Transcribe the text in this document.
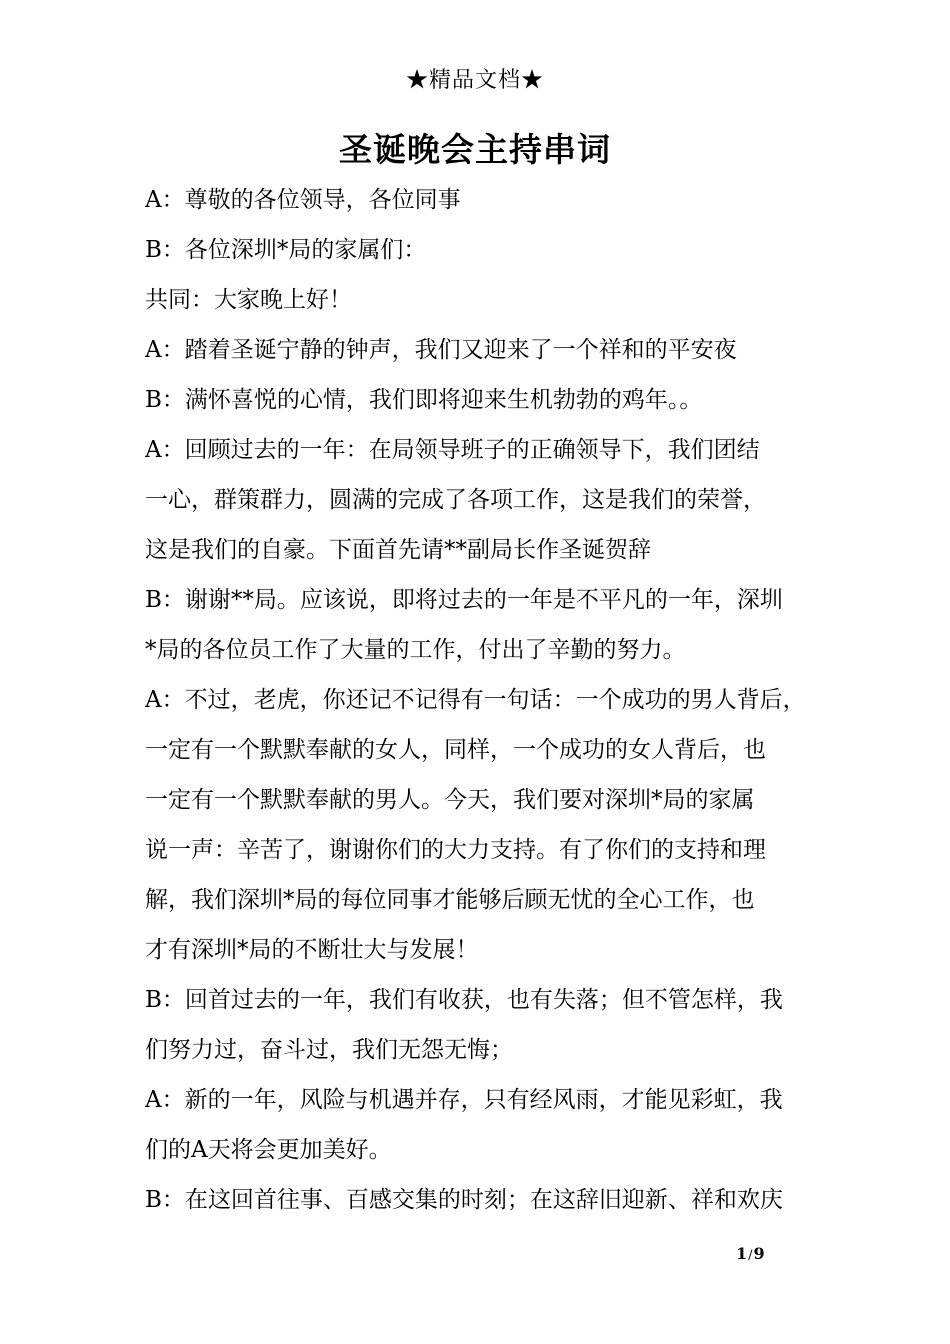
★精品文档★
圣诞晚会主持串词
A：尊敬的各位领导，各位同事
B：各位深圳*局的家属们：
共同：大家晚上好！
A：踏着圣诞宁静的钟声，我们又迎来了一个祥和的平安夜
B：满怀喜悦的心情，我们即将迎来生机勃勃的鸡年。。
A：回顾过去的一年：在局领导班子的正确领导下，我们团结
一心，群策群力，圆满的完成了各项工作，这是我们的荣誉，
这是我们的自豪。下面首先请**副局长作圣诞贺辞
B：谢谢**局。应该说，即将过去的一年是不平凡的一年，深圳
*局的各位员工作了大量的工作，付出了辛勤的努力。
A：不过，老虎，你还记不记得有一句话：一个成功的男人背后，
一定有一个默默奉献的女人，同样，一个成功的女人背后，也
一定有一个默默奉献的男人。今天，我们要对深圳*局的家属
说一声：辛苦了，谢谢你们的大力支持。有了你们的支持和理
解，我们深圳*局的每位同事才能够后顾无忧的全心工作，也
才有深圳*局的不断壮大与发展！
B：回首过去的一年，我们有收获，也有失落；但不管怎样，我
们努力过，奋斗过，我们无怨无悔；
A：新的一年，风险与机遇并存，只有经风雨，才能见彩虹，我
们的A天将会更加美好。
B：在这回首往事、百感交集的时刻；在这辞旧迎新、祥和欢庆
1/9
